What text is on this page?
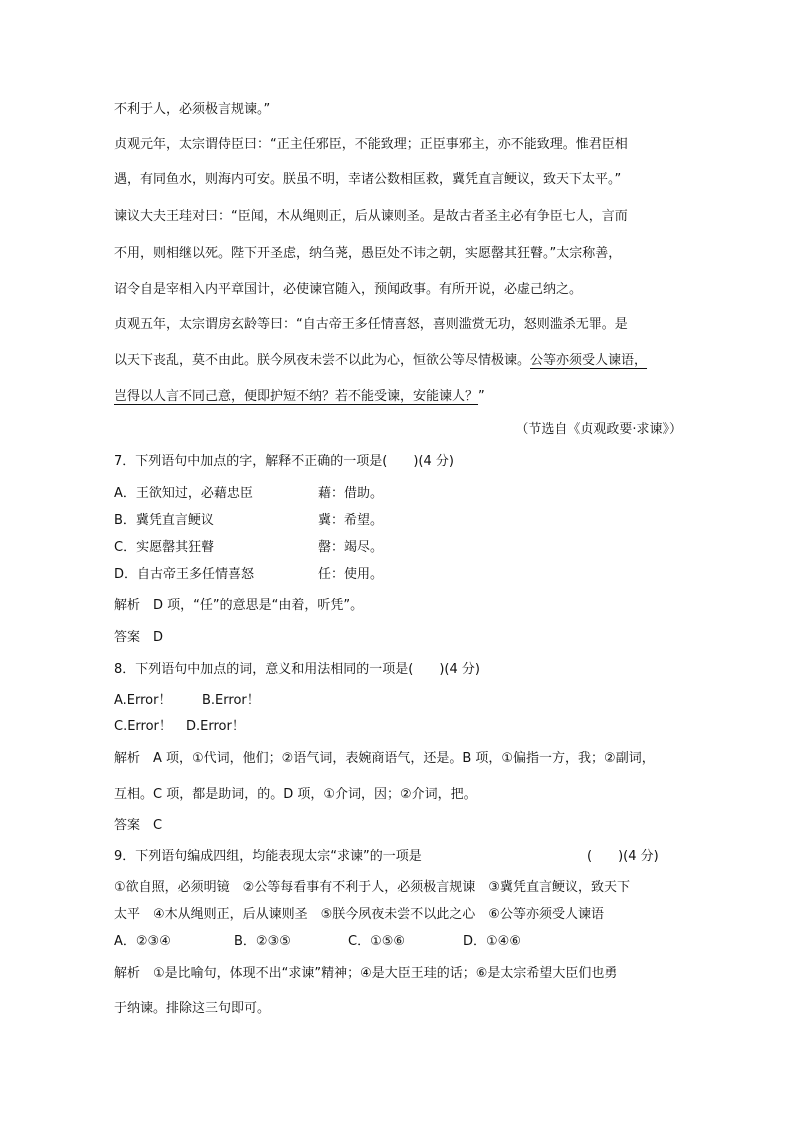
不利于人，必须极言规谏。”

贞观元年，太宗谓侍臣曰：“正主任邪臣，不能致理；正臣事邪主，亦不能致理。惟君臣相

遇，有同鱼水，则海内可安。朕虽不明，幸诸公数相匡救，冀凭直言鲠议，致天下太平。”

谏议大夫王珪对曰：“臣闻，木从绳则正，后从谏则圣。是故古者圣主必有争臣七人，言而

不用，则相继以死。陛下开圣虑，纳刍荛，愚臣处不讳之朝，实愿罄其狂瞽。”太宗称善，

诏令自是宰相入内平章国计，必使谏官随入，预闻政事。有所开说，必虚己纳之。

贞观五年，太宗谓房玄龄等曰：“自古帝王多任情喜怒，喜则滥赏无功，怒则滥杀无罪。是

以天下丧乱，莫不由此。朕今夙夜未尝不以此为心，恒欲公等尽情极谏。公等亦须受人谏语，

岂得以人言不同己意，便即护短不纳？若不能受谏，安能谏人？”

（节选自《贞观政要·求谏》）

7．下列语句中加点的字，解释不正确的一项是(　　)(4 分)

A．王欲知过，必藉忠臣	藉：借助。

B．冀凭直言鲠议	冀：希望。

C．实愿罄其狂瞽	罄：竭尽。

D．自古帝王多任情喜怒	任：使用。

解析　D 项，“任”的意思是“由着，听凭”。

答案　D

8．下列语句中加点的词，意义和用法相同的一项是(　　)(4 分)

A.Error！ B.Error！

C.Error！ D.Error！

解析　A 项，①代词，他们；②语气词，表婉商语气，还是。B 项，①偏指一方，我；②副词，

互相。C 项，都是助词，的。D 项，①介词，因；②介词，把。

答案　C

9．下列语句编成四组，均能表现太宗“求谏”的一项是	(　　)(4 分)

①欲自照，必须明镜　②公等每看事有不利于人，必须极言规谏　③冀凭直言鲠议，致天下

太平　④木从绳则正，后从谏则圣　⑤朕今夙夜未尝不以此之心　⑥公等亦须受人谏语

A．②③④	B．②③⑤	C．①⑤⑥	D．①④⑥

解析　①是比喻句，体现不出“求谏”精神；④是大臣王珪的话；⑥是太宗希望大臣们也勇

于纳谏。排除这三句即可。
